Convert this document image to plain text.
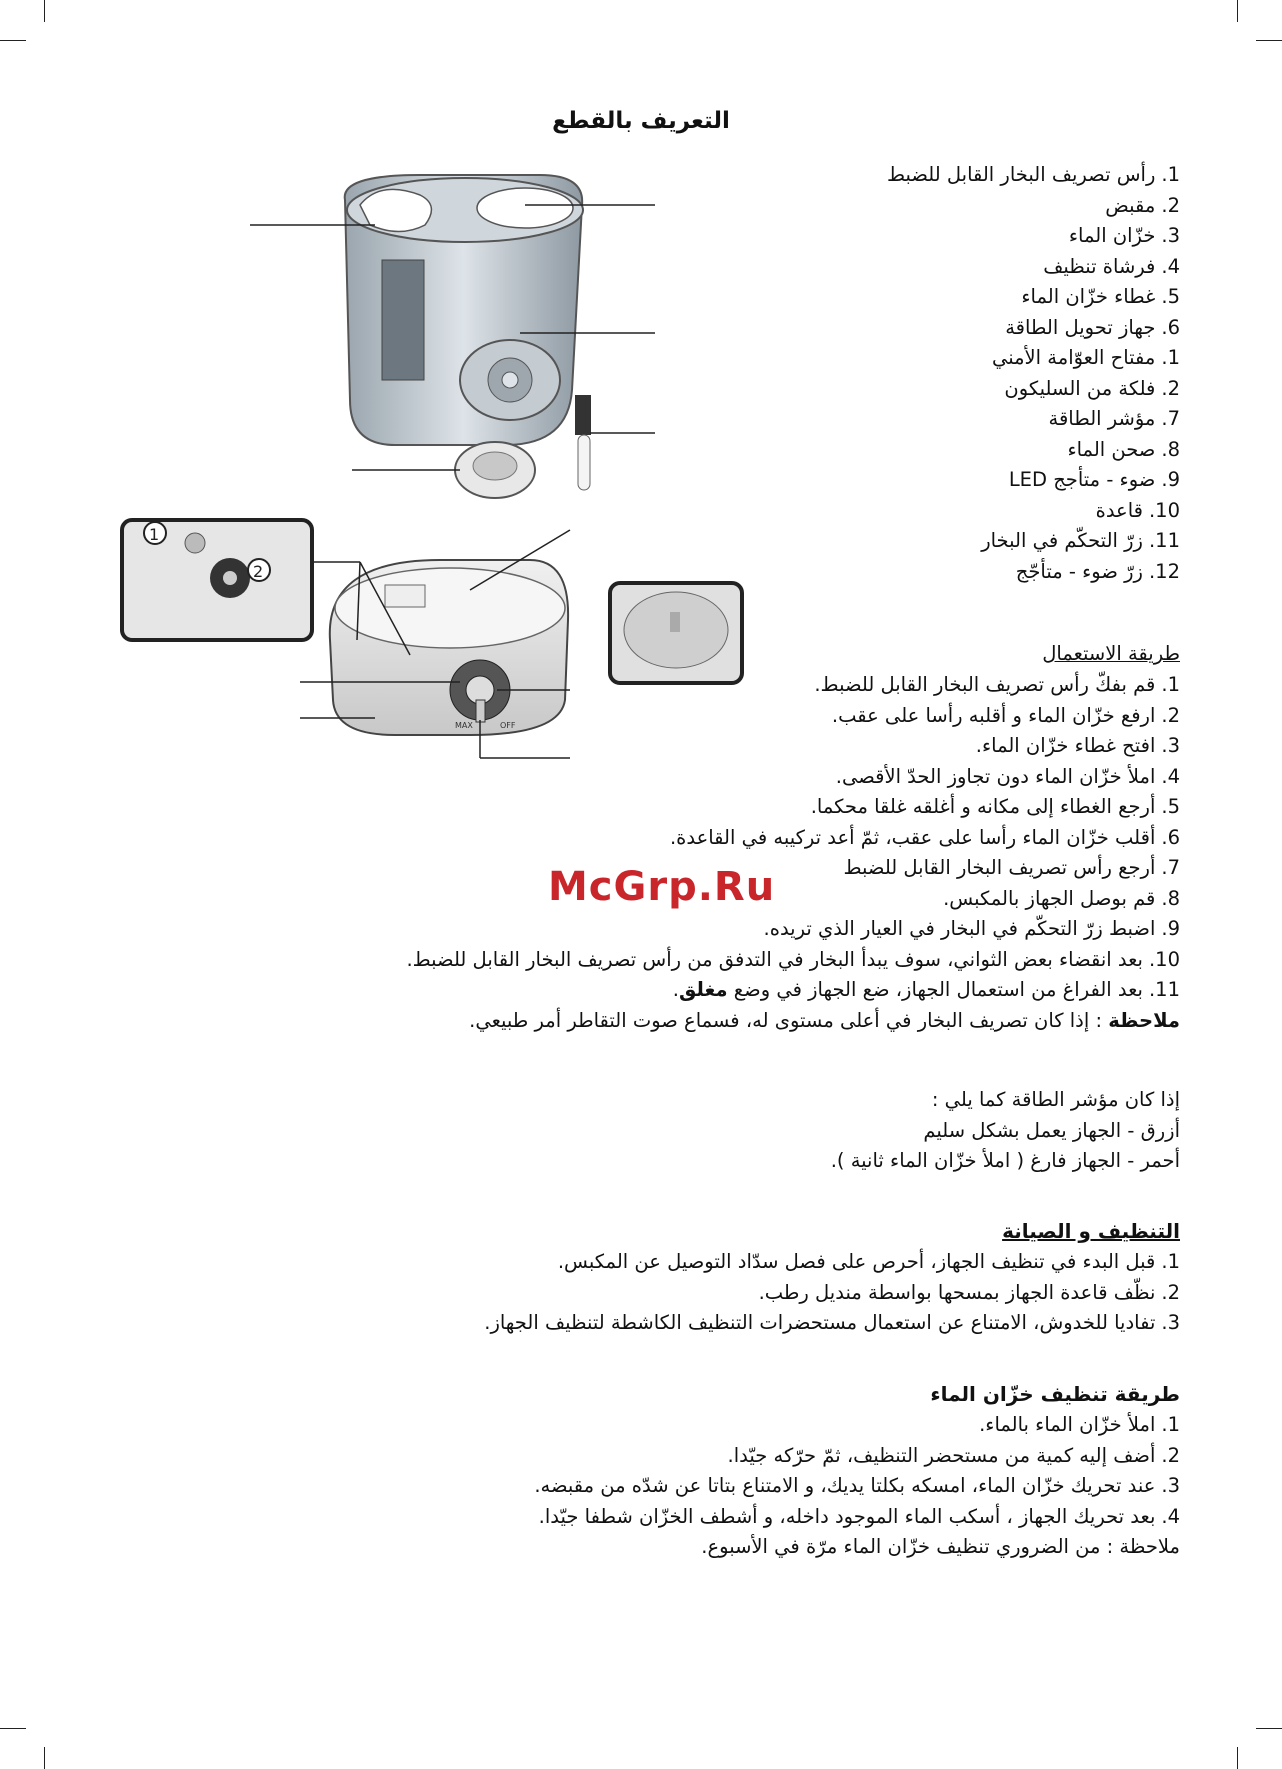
التعريف بالقطع
MAX	OFF
1
2
1.رأس تصريف البخار القابل للضبط
2.مقبض
3.خزّان الماء
4.فرشاة تنظيف
5.غطاء خزّان الماء
6.جهاز تحويل الطاقة
1.مفتاح العوّامة الأمني
2.فلكة من السليكون
7.مؤشر الطاقة
8.صحن الماء
9.ضوء - متأجج LED
10.قاعدة
11.زرّ التحكّم في البخار
12.زرّ ضوء - متأجّج
طريقة الاستعمال
1.قم بفكّ رأس تصريف البخار القابل للضبط.
2.ارفع خزّان الماء و أقلبه رأسا على عقب.
3.افتح غطاء خزّان الماء.
4.املأ خزّان الماء دون تجاوز الحدّ الأقصى.
5.أرجع الغطاء إلى مكانه و أغلقه غلقا محكما.
6.أقلب خزّان الماء رأسا على عقب، ثمّ أعد تركيبه في القاعدة.
7.أرجع رأس تصريف البخار القابل للضبط
8.قم بوصل الجهاز بالمكبس.
9.اضبط زرّ التحكّم في البخار في العيار الذي تريده.
10.بعد انقضاء بعض الثواني، سوف يبدأ البخار في التدفق من رأس تصريف البخار القابل للضبط.
11.بعد الفراغ من استعمال الجهاز، ضع الجهاز في وضع مغلق.
ملاحظة : إذا كان تصريف البخار في أعلى مستوى له، فسماع صوت التقاطر أمر طبيعي.
إذا كان مؤشر الطاقة كما يلي :
أزرق - الجهاز يعمل بشكل سليم
أحمر - الجهاز فارغ ( املأ خزّان الماء ثانية ).
التنظيف و الصيانة
1.قبل البدء في تنظيف الجهاز، أحرص على فصل سدّاد التوصيل عن المكبس.
2.نظّف قاعدة الجهاز بمسحها بواسطة منديل رطب.
3.تفاديا للخدوش، الامتناع عن استعمال مستحضرات التنظيف الكاشطة لتنظيف الجهاز.
طريقة تنظيف خزّان الماء
1.املأ خزّان الماء بالماء.
2.أضف إليه كمية من مستحضر التنظيف، ثمّ حرّكه جيّدا.
3.عند تحريك خزّان الماء، امسكه بكلتا يديك، و الامتناع بتاتا عن شدّه من مقبضه.
4.بعد تحريك الجهاز ، أسكب الماء الموجود داخله، و أشطف الخزّان شطفا جيّدا.
ملاحظة : من الضروري تنظيف خزّان الماء مرّة في الأسبوع.
McGrp.Ru
